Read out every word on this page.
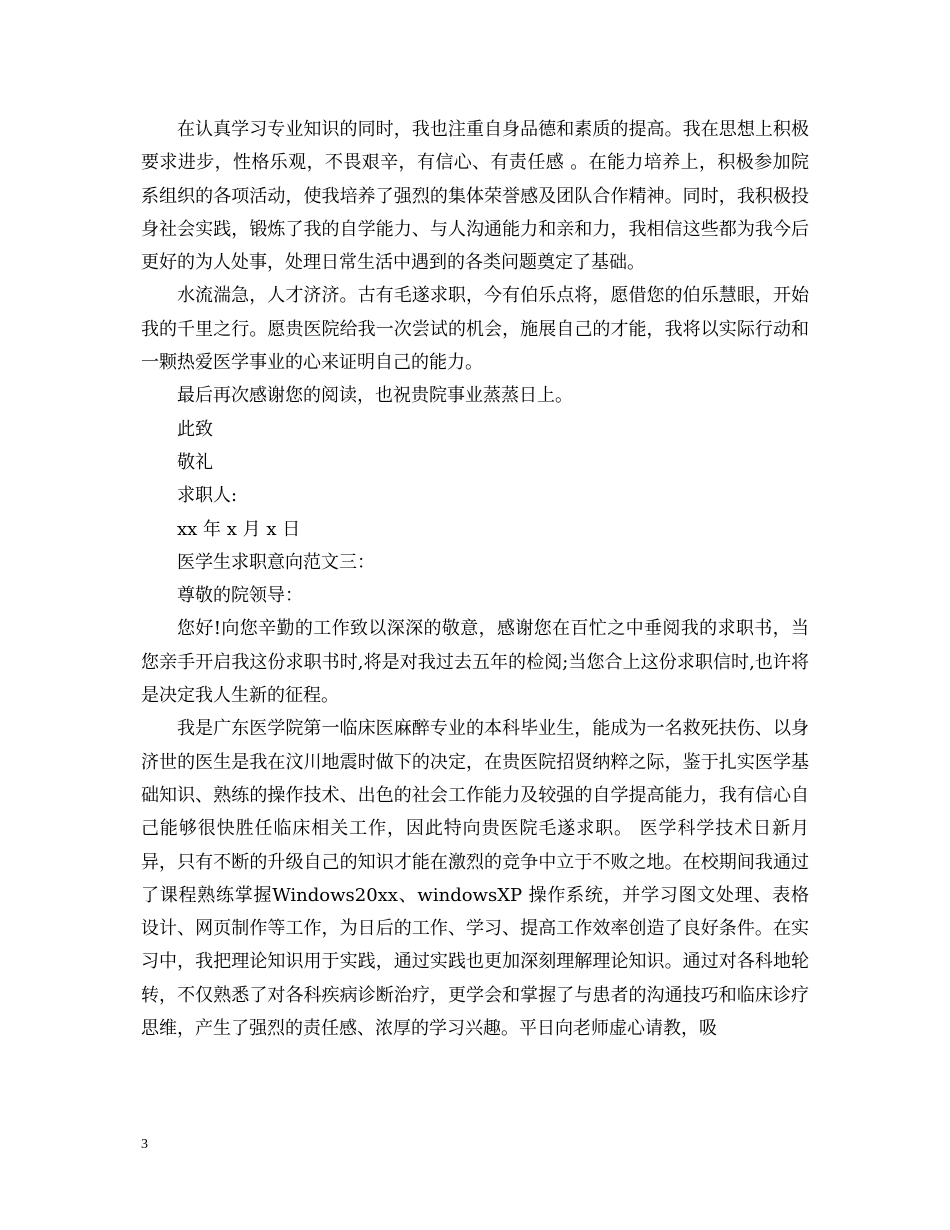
在认真学习专业知识的同时，我也注重自身品德和素质的提高。我在思想上积极要求进步，性格乐观，不畏艰辛，有信心、有责任感 。在能力培养上，积极参加院系组织的各项活动，使我培养了强烈的集体荣誉感及团队合作精神。同时，我积极投身社会实践，锻炼了我的自学能力、与人沟通能力和亲和力，我相信这些都为我今后更好的为人处事，处理日常生活中遇到的各类问题奠定了基础。

水流湍急，人才济济。古有毛遂求职，今有伯乐点将，愿借您的伯乐慧眼，开始我的千里之行。愿贵医院给我一次尝试的机会，施展自己的才能，我将以实际行动和一颗热爱医学事业的心来证明自己的能力。

最后再次感谢您的阅读，也祝贵院事业蒸蒸日上。

此致

敬礼

求职人:

xx 年 x 月 x 日

医学生求职意向范文三：

尊敬的院领导：

您好!向您辛勤的工作致以深深的敬意，感谢您在百忙之中垂阅我的求职书，当您亲手开启我这份求职书时,将是对我过去五年的检阅;当您合上这份求职信时,也许将是决定我人生新的征程。

我是广东医学院第一临床医麻醉专业的本科毕业生，能成为一名救死扶伤、以身济世的医生是我在汶川地震时做下的决定，在贵医院招贤纳粹之际，鉴于扎实医学基础知识、熟练的操作技术、出色的社会工作能力及较强的自学提高能力，我有信心自己能够很快胜任临床相关工作，因此特向贵医院毛遂求职。 医学科学技术日新月异，只有不断的升级自己的知识才能在激烈的竞争中立于不败之地。在校期间我通过了课程熟练掌握Windows20xx、windowsXP 操作系统，并学习图文处理、表格设计、网页制作等工作，为日后的工作、学习、提高工作效率创造了良好条件。在实习中，我把理论知识用于实践，通过实践也更加深刻理解理论知识。通过对各科地轮转，不仅熟悉了对各科疾病诊断治疗，更学会和掌握了与患者的沟通技巧和临床诊疗思维，产生了强烈的责任感、浓厚的学习兴趣。平日向老师虚心请教，吸

3
